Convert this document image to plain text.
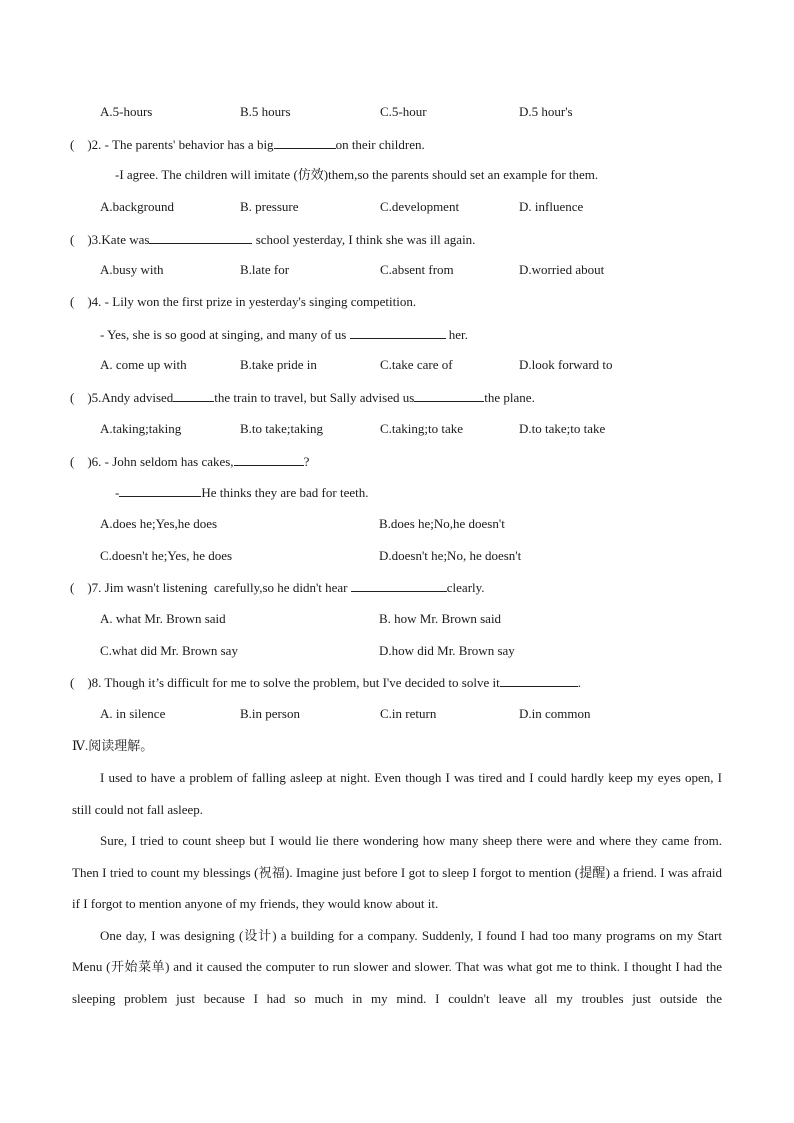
A.5-hours	B.5 hours	C.5-hour	D.5 hour's
(    )2. - The parents' behavior has a big	on their children.
-I agree. The children will imitate (仿效)them,so the parents should set an example for them.
A.background	B. pressure	C.development	D. influence
(    )3.Kate was	school yesterday, I think she was ill again.
A.busy with	B.late for	C.absent from	D.worried about
(    )4. - Lily won the first prize in yesterday's singing competition.
- Yes, she is so good at singing, and many of us	her.
A. come up with	B.take pride in	C.take care of	D.look forward to
(    )5.Andy advised	the train to travel, but Sally advised us	the plane.
A.taking;taking	B.to take;taking	C.taking;to take	D.to take;to take
(    )6. - John seldom has cakes,	?
-	He thinks they are bad for teeth.
A.does he;Yes,he does	B.does he;No,he doesn't
C.doesn't he;Yes, he does	D.doesn't he;No, he doesn't
(    )7. Jim wasn't listening  carefully,so he didn't hear	clearly.
A. what Mr. Brown said	B. how Mr. Brown said
C.what did Mr. Brown say	D.how did Mr. Brown say
(    )8. Though it’s difficult for me to solve the problem, but I've decided to solve it	.
A. in silence	B.in person	C.in return	D.in common
Ⅳ.阅读理解。

I used to have a problem of falling asleep at night. Even though I was tired and I could hardly keep my eyes open, I still could not fall asleep.

Sure, I tried to count sheep but I would lie there wondering how many sheep there were and where they came from. Then I tried to count my blessings (祝福). Imagine just before I got to sleep I forgot to mention (提醒) a friend. I was afraid if I forgot to mention anyone of my friends, they would know about it.

One day, I was designing (设计) a building for a company. Suddenly, I found I had too many programs on my Start Menu (开始菜单) and it caused the computer to run slower and slower. That was what got me to think. I thought I had the sleeping problem just because I had so much in my mind. I couldn't leave all my troubles just outside the
